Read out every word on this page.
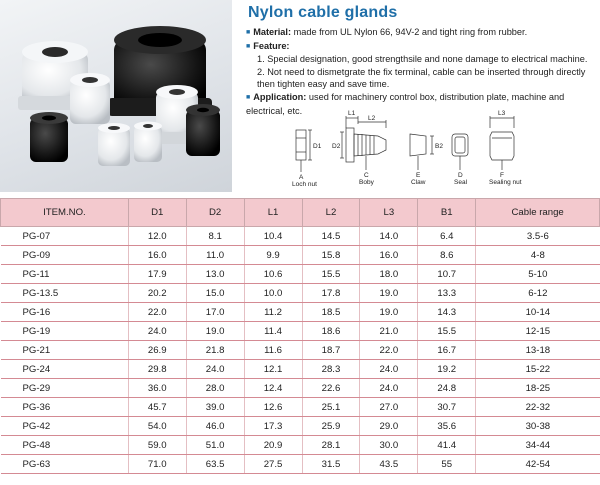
Nylon cable glands

■ Material: made from UL Nylon 66, 94V-2 and tight ring from rubber.

■ Feature:

1. Special designation, good strengthsile and none damage to electrical machine.

2. Not need to dismetgrate the fix terminal, cable can be inserted through directly then tighten easy and save time.

■ Application: used for machinery control box, distribution plate, machine and electrical, etc.	L1
L2
L3
D1 D2	B2
A
Loch nut
C
Boby
E
Claw
D
Seal
F
Sealing nut
ITEM.NO.	D1	D2	L1	L2	L3	B1	Cable range
PG-07	12.0	8.1	10.4	14.5	14.0	6.4	3.5-6
PG-09	16.0	11.0	9.9	15.8	16.0	8.6	4-8
PG-11	17.9	13.0	10.6	15.5	18.0	10.7	5-10
PG-13.5	20.2	15.0	10.0	17.8	19.0	13.3	6-12
PG-16	22.0	17.0	11.2	18.5	19.0	14.3	10-14
PG-19	24.0	19.0	11.4	18.6	21.0	15.5	12-15
PG-21	26.9	21.8	11.6	18.7	22.0	16.7	13-18
PG-24	29.8	24.0	12.1	28.3	24.0	19.2	15-22
PG-29	36.0	28.0	12.4	22.6	24.0	24.8	18-25
PG-36	45.7	39.0	12.6	25.1	27.0	30.7	22-32
PG-42	54.0	46.0	17.3	25.9	29.0	35.6	30-38
PG-48	59.0	51.0	20.9	28.1	30.0	41.4	34-44
PG-63	71.0	63.5	27.5	31.5	43.5	55	42-54
